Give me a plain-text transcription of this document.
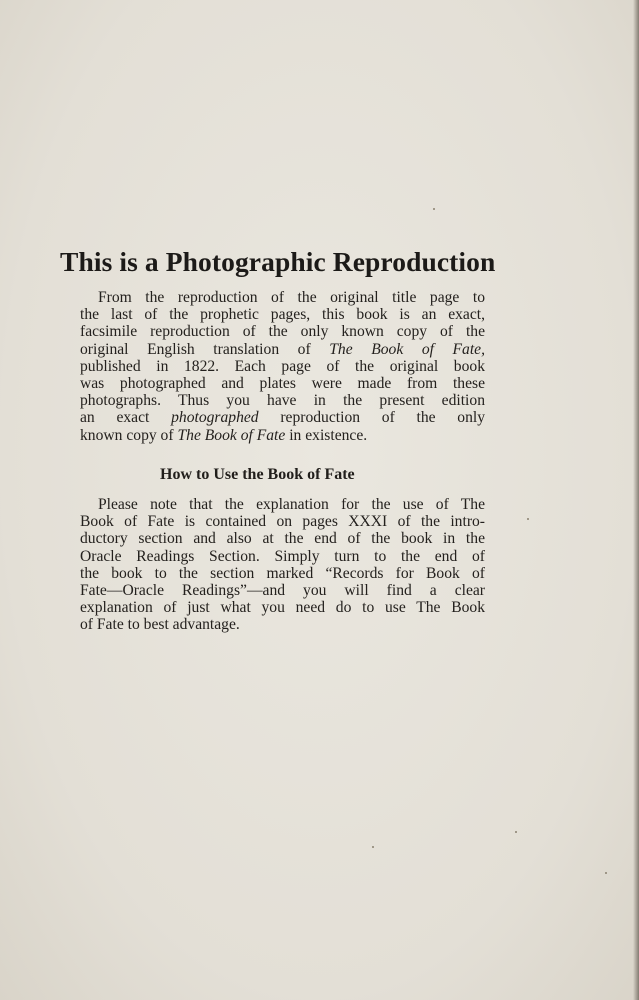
This is a Photographic Reproduction
From the reproduction of the original title page to
the last of the prophetic pages, this book is an exact,
facsimile reproduction of the only known copy of the
original English translation of The Book of Fate,
published in 1822. Each page of the original book
was photographed and plates were made from these
photographs. Thus you have in the present edition
an exact photographed reproduction of the only
known copy of The Book of Fate in existence.
How to Use the Book of Fate
Please note that the explanation for the use of The
Book of Fate is contained on pages XXXI of the intro-
ductory section and also at the end of the book in the
Oracle Readings Section. Simply turn to the end of
the book to the section marked “Records for Book of
Fate—Oracle Readings”—and you will find a clear
explanation of just what you need do to use The Book
of Fate to best advantage.
